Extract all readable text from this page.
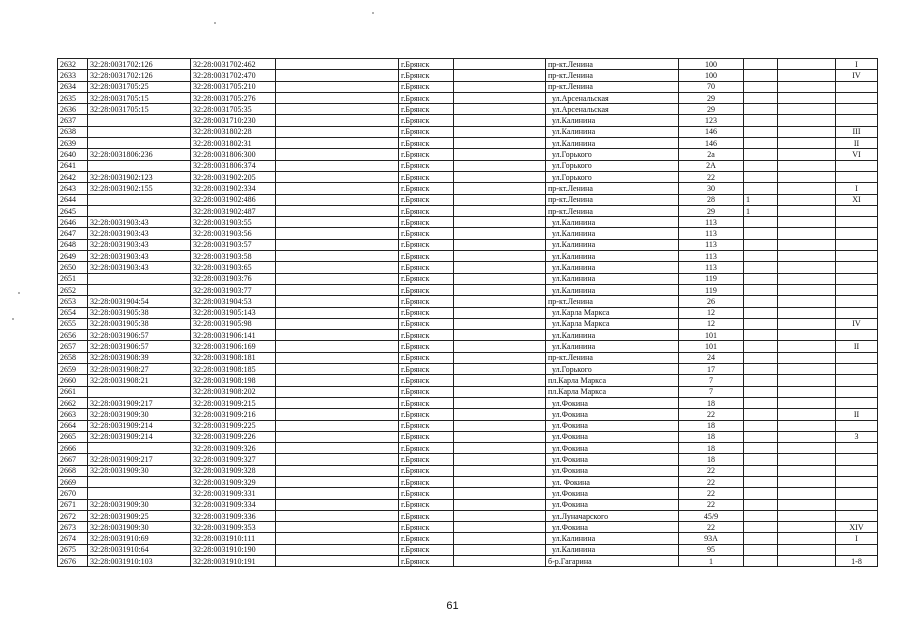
2632	32:28:0031702:126	32:28:0031702:462		г.Брянск		пр-кт.Ленина	100			I
2633	32:28:0031702:126	32:28:0031702:470		г.Брянск		пр-кт.Ленина	100			IV
2634	32:28:0031705:25	32:28:0031705:210		г.Брянск		пр-кт.Ленина	70			
2635	32:28:0031705:15	32:28:0031705:276		г.Брянск		ул.Арсенальская	29			
2636	32:28:0031705:15	32:28:0031705:35		г.Брянск		ул.Арсенальская	29			
2637		32:28:0031710:230		г.Брянск		ул.Калинина	123			
2638		32:28:0031802:28		г.Брянск		ул.Калинина	146			III
2639		32:28:0031802:31		г.Брянск		ул.Калинина	146			II
2640	32:28:0031806:236	32:28:0031806:300		г.Брянск		ул.Горького	2а			VI
2641		32:28:0031806:374		г.Брянск		ул.Горького	2А			
2642	32:28:0031902:123	32:28:0031902:205		г.Брянск		ул.Горького	22			
2643	32:28:0031902:155	32:28:0031902:334		г.Брянск		пр-кт.Ленина	30			I
2644		32:28:0031902:486		г.Брянск		пр-кт.Ленина	28	1		XI
2645		32:28:0031902:487		г.Брянск		пр-кт.Ленина	29	1		
2646	32:28:0031903:43	32:28:0031903:55		г.Брянск		ул.Калинина	113			
2647	32:28:0031903:43	32:28:0031903:56		г.Брянск		ул.Калинина	113			
2648	32:28:0031903:43	32:28:0031903:57		г.Брянск		ул.Калинина	113			
2649	32:28:0031903:43	32:28:0031903:58		г.Брянск		ул.Калинина	113			
2650	32:28:0031903:43	32:28:0031903:65		г.Брянск		ул.Калинина	113			
2651		32:28:0031903:76		г.Брянск		ул.Калинина	119			
2652		32:28:0031903:77		г.Брянск		ул.Калинина	119			
2653	32:28:0031904:54	32:28:0031904:53		г.Брянск		пр-кт.Ленина	26			
2654	32:28:0031905:38	32:28:0031905:143		г.Брянск		ул.Карла Маркса	12			
2655	32:28:0031905:38	32:28:0031905:98		г.Брянск		ул.Карла Маркса	12			IV
2656	32:28:0031906:57	32:28:0031906:141		г.Брянск		ул.Калинина	101			
2657	32:28:0031906:57	32:28:0031906:169		г.Брянск		ул.Калинина	101			II
2658	32:28:0031908:39	32:28:0031908:181		г.Брянск		пр-кт.Ленина	24			
2659	32:28:0031908:27	32:28:0031908:185		г.Брянск		ул.Горького	17			
2660	32:28:0031908:21	32:28:0031908:198		г.Брянск		пл.Карла Маркса	7			
2661		32:28:0031908:202		г.Брянск		пл.Карла Маркса	7			
2662	32:28:0031909:217	32:28:0031909:215		г.Брянск		ул.Фокина	18			
2663	32:28:0031909:30	32:28:0031909:216		г.Брянск		ул.Фокина	22			II
2664	32:28:0031909:214	32:28:0031909:225		г.Брянск		ул.Фокина	18			
2665	32:28:0031909:214	32:28:0031909:226		г.Брянск		ул.Фокина	18			3
2666		32:28:0031909:326		г.Брянск		ул.Фокина	18			
2667	32:28:0031909:217	32:28:0031909:327		г.Брянск		ул.Фокина	18			
2668	32:28:0031909:30	32:28:0031909:328		г.Брянск		ул.Фокина	22			
2669		32:28:0031909:329		г.Брянск		ул. Фокина	22			
2670		32:28:0031909:331		г.Брянск		ул.Фокина	22			
2671	32:28:0031909:30	32:28:0031909:334		г.Брянск		ул.Фокина	22			
2672	32:28:0031909:25	32:28:0031909:336		г.Брянск		ул.Луначарского	45/9			
2673	32:28:0031909:30	32:28:0031909:353		г.Брянск		ул.Фокина	22			XIV
2674	32:28:0031910:69	32:28:0031910:111		г.Брянск		ул.Калинина	93А			I
2675	32:28:0031910:64	32:28:0031910:190		г.Брянск		ул.Калинина	95			
2676	32:28:0031910:103	32:28:0031910:191		г.Брянск		б-р.Гагарина	1			1-8
61
